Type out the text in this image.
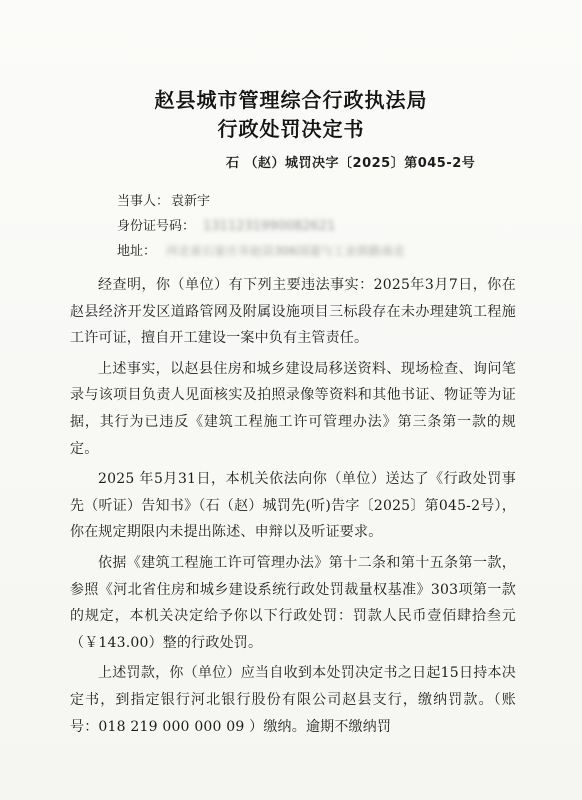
赵县城市管理综合行政执法局
行政处罚决定书
石 （赵）城罚决字〔2025〕第045-2号
当事人： 袁新宇
身份证号码： 1311231990082621
地址： 河北省石家庄市赵县306国道与工业街路南北

经查明，你（单位）有下列主要违法事实：2025年3月7日，你在赵县经济开发区道路管网及附属设施项目三标段存在未办理建筑工程施工许可证，擅自开工建设一案中负有主管责任。

上述事实，以赵县住房和城乡建设局移送资料、现场检查、询问笔录与该项目负责人见面核实及拍照录像等资料和其他书证、物证等为证据，其行为已违反《建筑工程施工许可管理办法》第三条第一款的规定。

2025 年5月31日，本机关依法向你（单位）送达了《行政处罚事先（听证）告知书》（石（赵）城罚先(听)告字〔2025〕第045-2号），你在规定期限内未提出陈述、申辩以及听证要求。

依据《建筑工程施工许可管理办法》第十二条和第十五条第一款，参照《河北省住房和城乡建设系统行政处罚裁量权基准》303项第一款的规定，本机关决定给予你以下行政处罚：罚款人民币壹佰肆拾叁元（￥143.00）整的行政处罚。

上述罚款，你（单位）应当自收到本处罚决定书之日起15日持本决定书，到指定银行河北银行股份有限公司赵县支行，缴纳罚款。（账号：018 219 000 000 09 ）缴纳。逾期不缴纳罚
